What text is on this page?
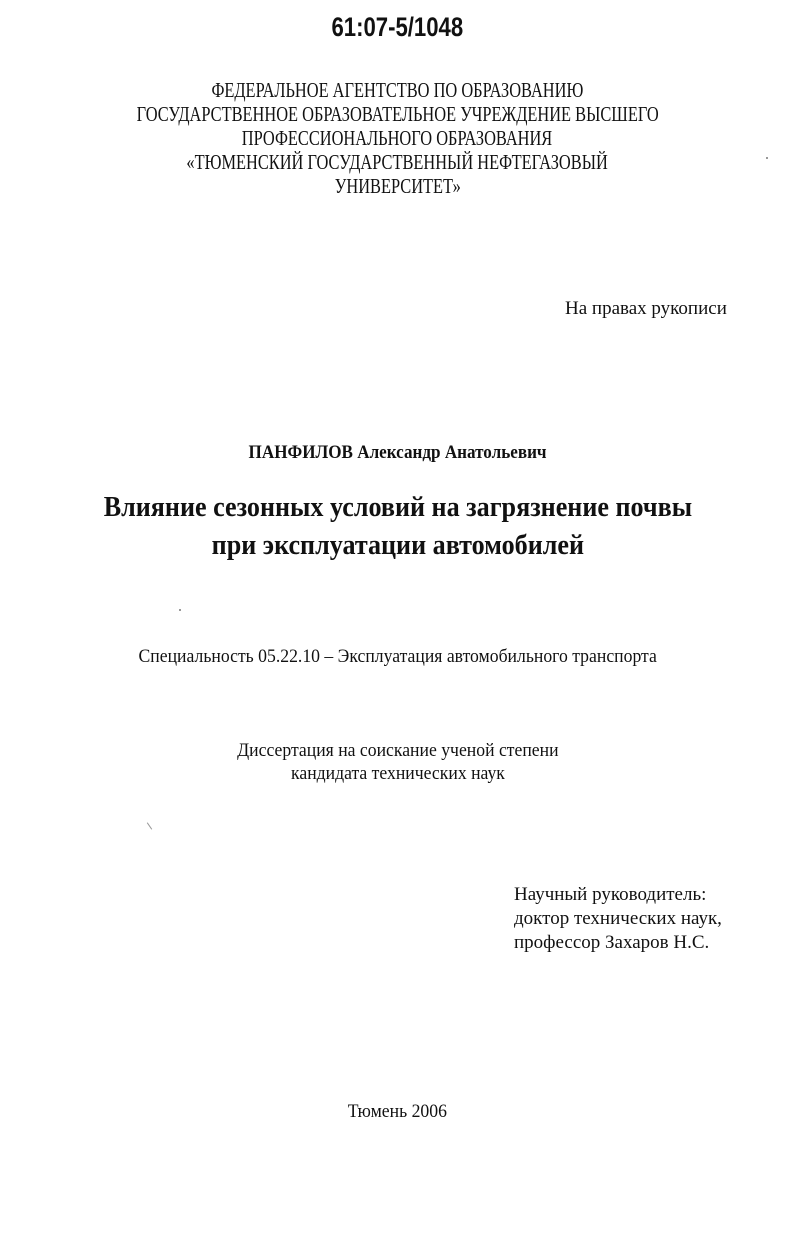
61:07-5/1048
ФЕДЕРАЛЬНОЕ АГЕНТСТВО ПО ОБРАЗОВАНИЮ
ГОСУДАРСТВЕННОЕ ОБРАЗОВАТЕЛЬНОЕ УЧРЕЖДЕНИЕ ВЫСШЕГО
ПРОФЕССИОНАЛЬНОГО ОБРАЗОВАНИЯ
«ТЮМЕНСКИЙ ГОСУДАРСТВЕННЫЙ НЕФТЕГАЗОВЫЙ
УНИВЕРСИТЕТ»
На правах рукописи
ПАНФИЛОВ Александр Анатольевич
Влияние сезонных условий на загрязнение почвы
при эксплуатации автомобилей
Специальность 05.22.10 – Эксплуатация автомобильного транспорта
Диссертация на соискание ученой степени
кандидата технических наук
Научный руководитель:
доктор технических наук,
профессор Захаров Н.С.
Тюмень 2006
